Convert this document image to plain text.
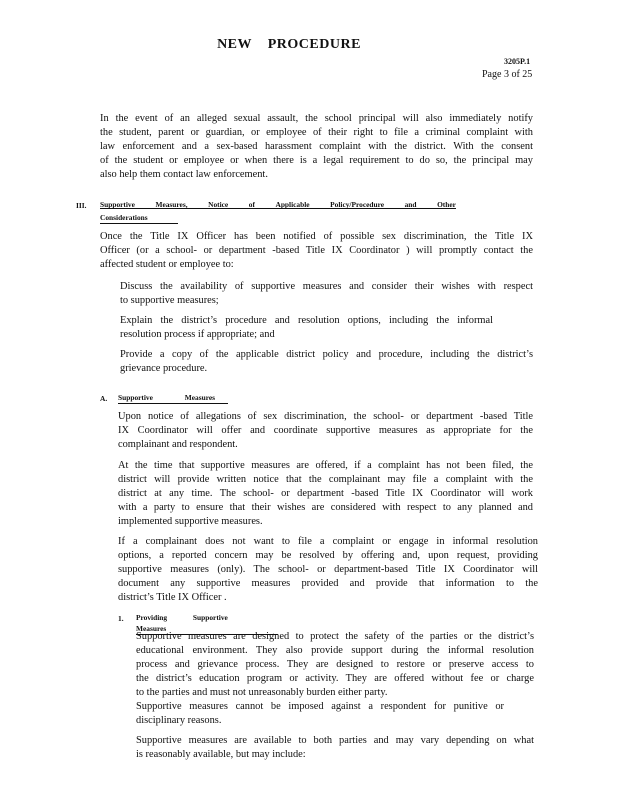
NEW PROCEDURE
3205P.1
Page 3 of 25
In the event of an alleged sexual assault, the school principal will also immediately notify
the student, parent or guardian, or employee of their right to file a criminal complaint with
law enforcement and a sex-based harassment complaint with the district. With the consent
of the student or employee or when there is a legal requirement to do so, the principal may
also help them contact law enforcement.
III. Supportive	Measures,	Notice	of	Applicable	Policy/Procedure	and	Other
Considerations
Once the Title IX Officer has been notified of possible sex discrimination, the Title IX
Officer (or a school- or department -based Title IX Coordinator ) will promptly contact the
affected student or employee to:
Discuss the availability of supportive measures and consider their wishes with respect
to supportive measures;
Explain the district’s procedure and resolution options, including the informal
resolution process if appropriate; and
Provide a copy of the applicable district policy and procedure, including the district’s
grievance procedure.
A. Supportive Measures
Upon notice of allegations of sex discrimination, the school- or department -based Title
IX Coordinator will offer and coordinate supportive measures as appropriate for the
complainant and respondent.
At the time that supportive measures are offered, if a complaint has not been filed, the
district will provide written notice that the complainant may file a complaint with the
district at any time. The school- or department -based Title IX Coordinator will work
with a party to ensure that their wishes are considered with respect to any planned and
implemented supportive measures.
If a complainant does not want to file a complaint or engage in informal resolution
options, a reported concern may be resolved by offering and, upon request, providing
supportive measures (only). The school- or department-based Title IX Coordinator will
document any supportive measures provided and provide that information to the
district’s Title IX Officer .
1. Providing Supportive Measures
Supportive measures are designed to protect the safety of the parties or the district’s
educational environment. They also provide support during the informal resolution
process and grievance process. They are designed to restore or preserve access to
the district’s education program or activity. They are offered without fee or charge
to the parties and must not unreasonably burden either party.
Supportive measures cannot be imposed against a respondent for punitive or
disciplinary reasons.
Supportive measures are available to both parties and may vary depending on what
is reasonably available, but may include:
